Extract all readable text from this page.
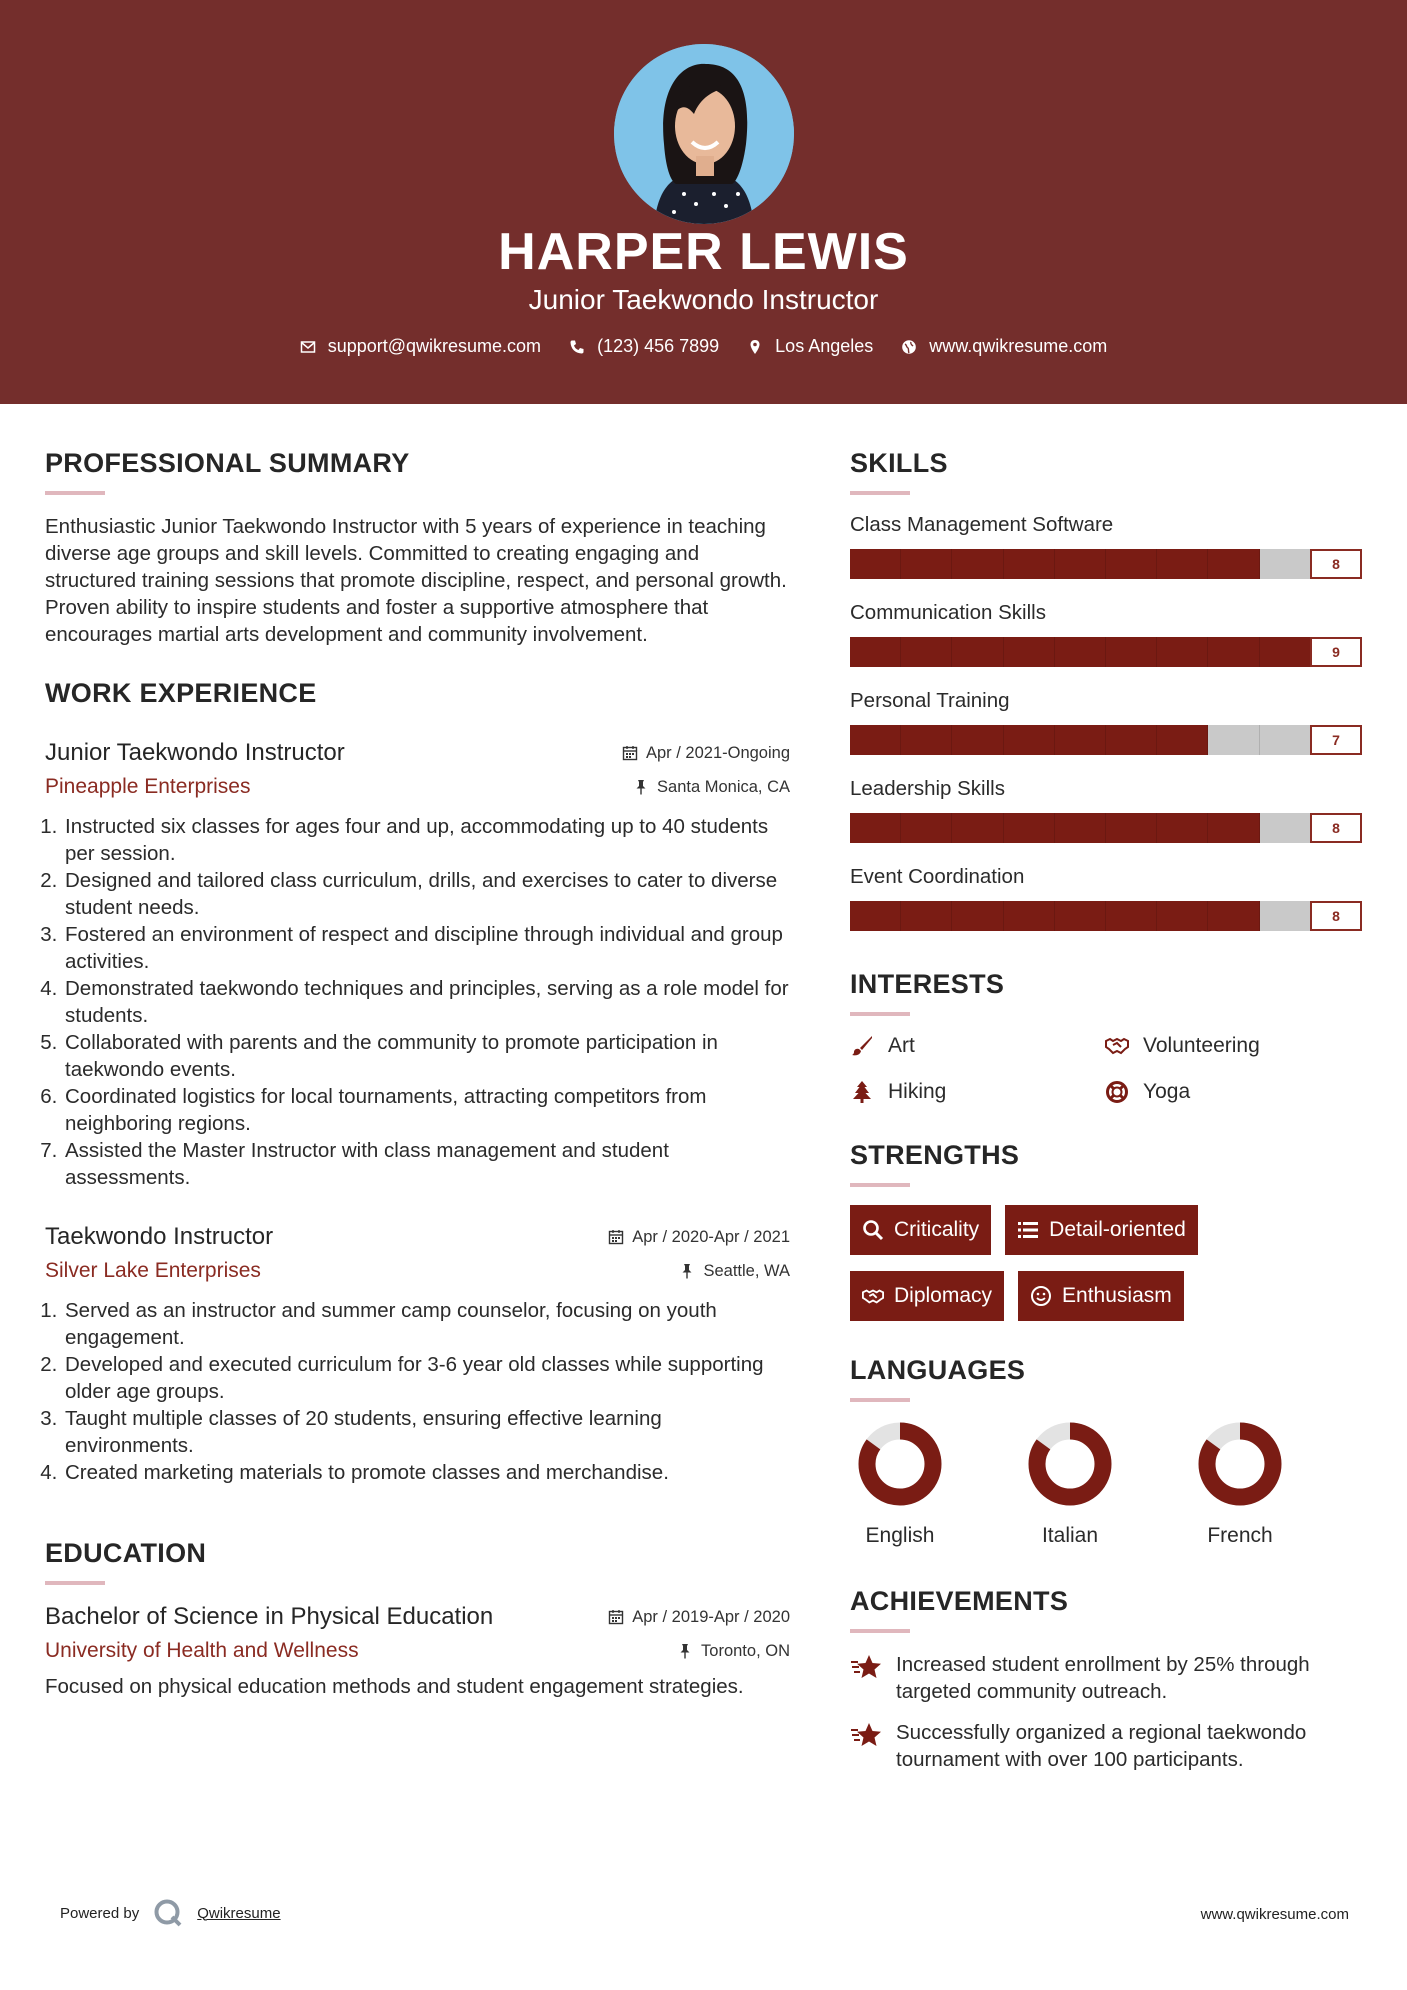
HARPER LEWIS
Junior Taekwondo Instructor
support@qwikresume.com	(123) 456 7899	Los Angeles	www.qwikresume.com
PROFESSIONAL SUMMARY
Enthusiastic Junior Taekwondo Instructor with 5 years of experience in teaching diverse age groups and skill levels. Committed to creating engaging and structured training sessions that promote discipline, respect, and personal growth. Proven ability to inspire students and foster a supportive atmosphere that encourages martial arts development and community involvement.
WORK EXPERIENCE
Junior Taekwondo Instructor	Apr / 2021-Ongoing
Pineapple Enterprises	Santa Monica, CA
1. Instructed six classes for ages four and up, accommodating up to 40 students per session.
2. Designed and tailored class curriculum, drills, and exercises to cater to diverse student needs.
3. Fostered an environment of respect and discipline through individual and group activities.
4. Demonstrated taekwondo techniques and principles, serving as a role model for students.
5. Collaborated with parents and the community to promote participation in taekwondo events.
6. Coordinated logistics for local tournaments, attracting competitors from neighboring regions.
7. Assisted the Master Instructor with class management and student assessments.
Taekwondo Instructor	Apr / 2020-Apr / 2021
Silver Lake Enterprises	Seattle, WA
1. Served as an instructor and summer camp counselor, focusing on youth engagement.
2. Developed and executed curriculum for 3-6 year old classes while supporting older age groups.
3. Taught multiple classes of 20 students, ensuring effective learning environments.
4. Created marketing materials to promote classes and merchandise.
EDUCATION
Bachelor of Science in Physical Education	Apr / 2019-Apr / 2020
University of Health and Wellness	Toronto, ON
Focused on physical education methods and student engagement strategies.
SKILLS
Class Management Software
8
Communication Skills
9
Personal Training
7
Leadership Skills
8
Event Coordination
8
INTERESTS
Art	Volunteering
Hiking	Yoga
STRENGTHS
Criticality	Detail-oriented
Diplomacy	Enthusiasm
LANGUAGES
English	Italian	French
ACHIEVEMENTS
Increased student enrollment by 25% through targeted community outreach.
Successfully organized a regional taekwondo tournament with over 100 participants.
Powered by	Qwikresume	www.qwikresume.com
